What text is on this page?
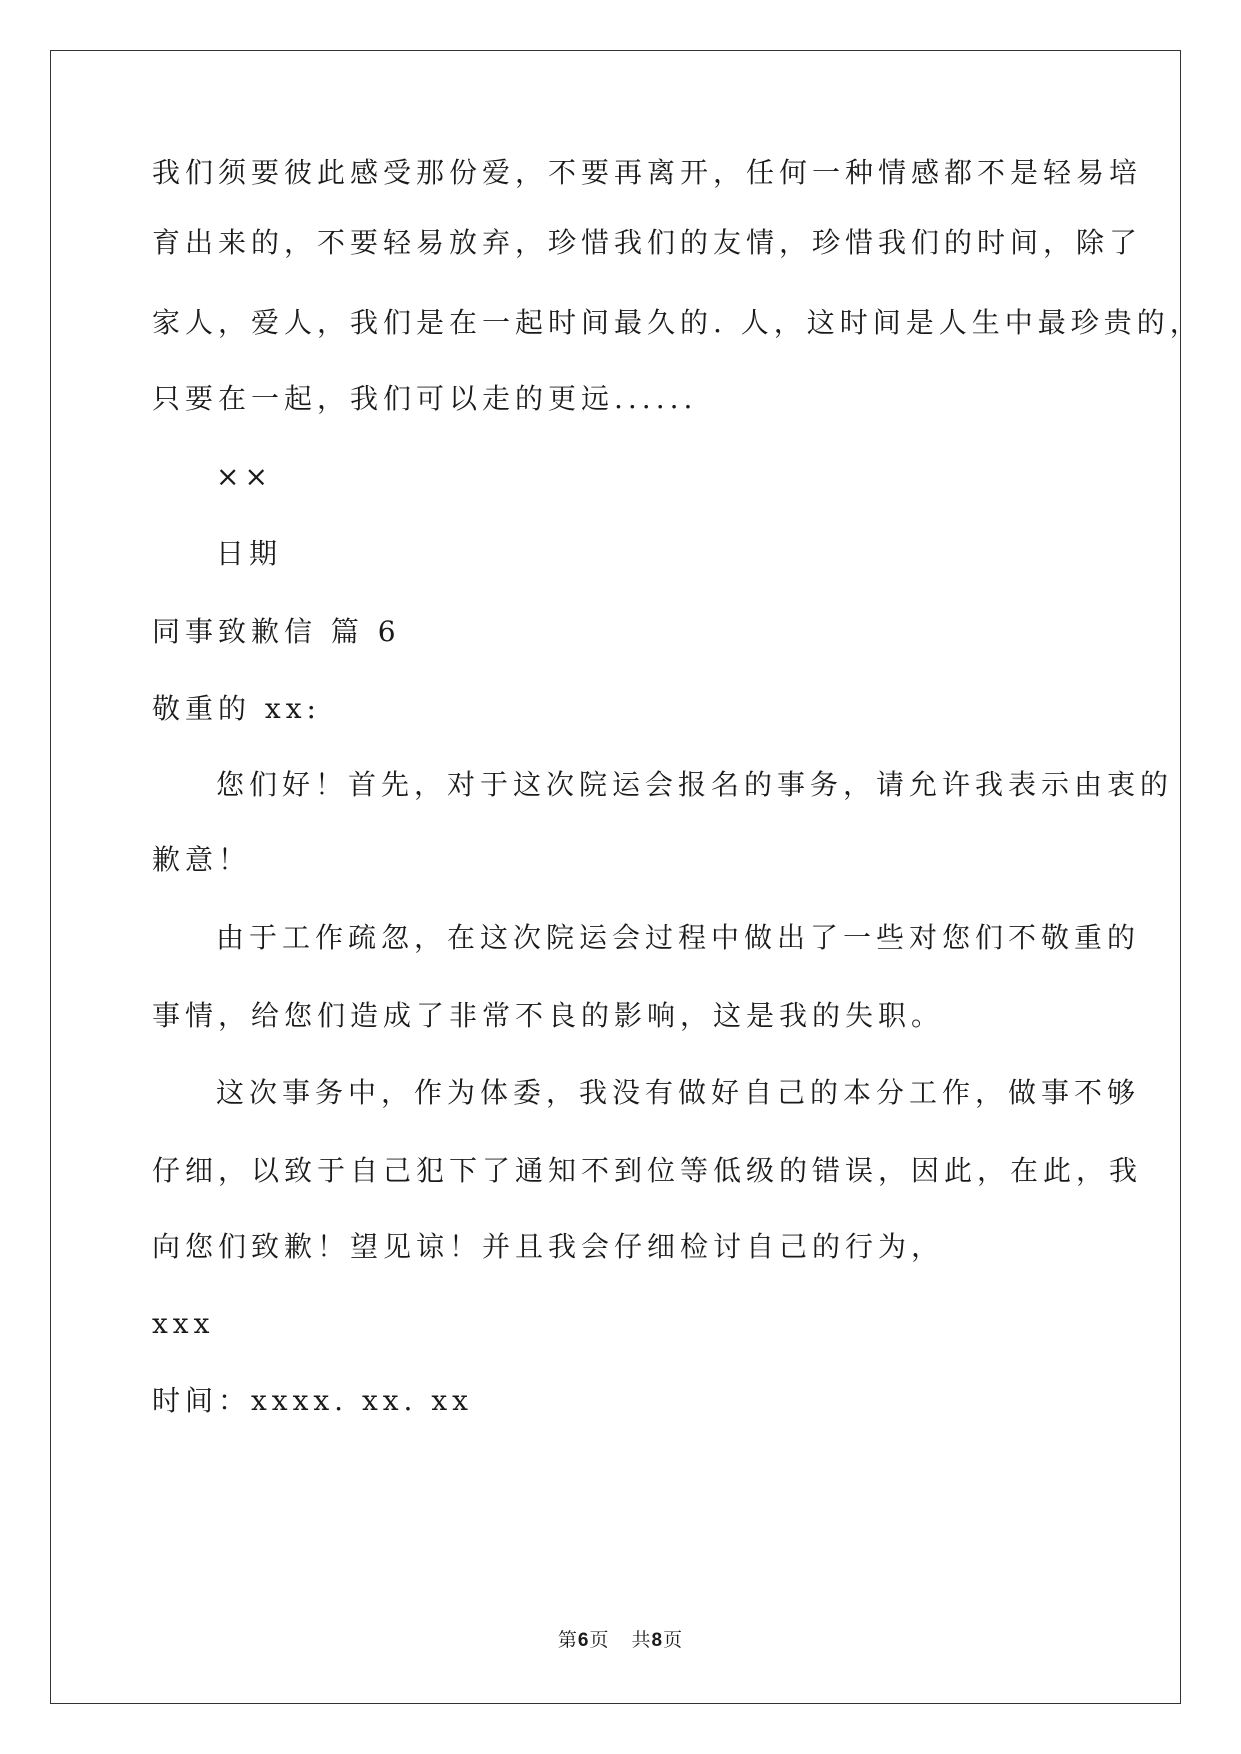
我们须要彼此感受那份爱，不要再离开，任何一种情感都不是轻易培
育出来的，不要轻易放弃，珍惜我们的友情，珍惜我们的时间，除了
家人，爱人，我们是在一起时间最久的. 人，这时间是人生中最珍贵的，
只要在一起，我们可以走的更远......
××
日期
同事致歉信 篇 6
敬重的 xx:
您们好！首先，对于这次院运会报名的事务，请允许我表示由衷的
歉意！
由于工作疏忽，在这次院运会过程中做出了一些对您们不敬重的
事情，给您们造成了非常不良的影响，这是我的失职。
这次事务中，作为体委，我没有做好自己的本分工作，做事不够
仔细，以致于自己犯下了通知不到位等低级的错误，因此，在此，我
向您们致歉！望见谅！并且我会仔细检讨自己的行为，
xxx
时间：xxxx. xx. xx
第6页 共8页
